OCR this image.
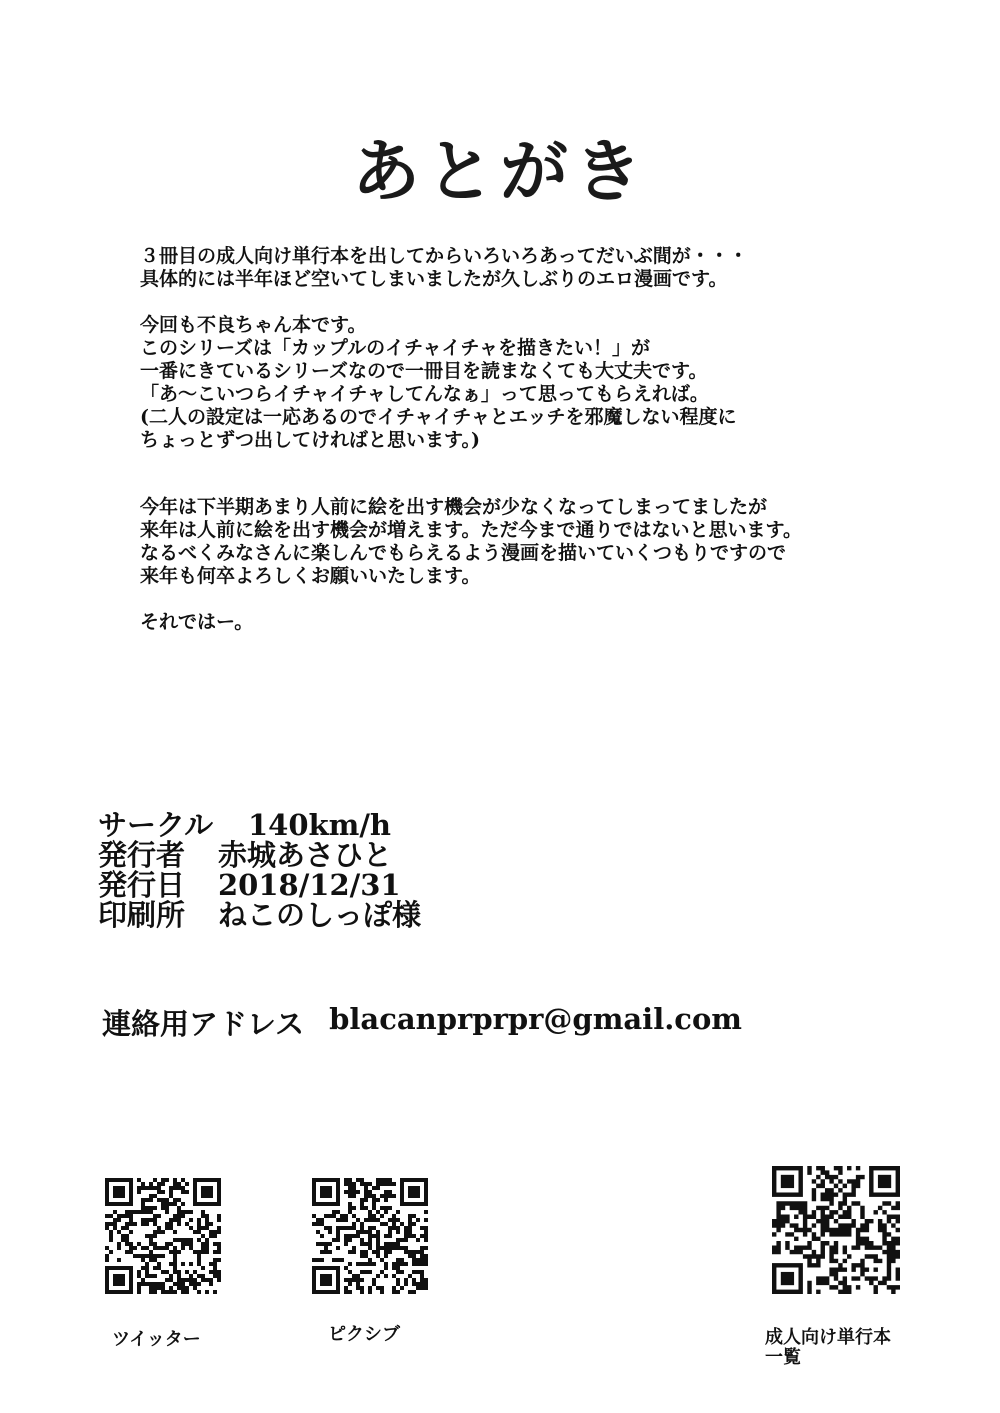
あとがき
３冊目の成人向け単行本を出してからいろいろあってだいぶ間が・・・
具体的には半年ほど空いてしまいましたが久しぶりのエロ漫画です。
今回も不良ちゃん本です。
このシリーズは「カップルのイチャイチャを描きたい！」が
一番にきているシリーズなので一冊目を読まなくても大丈夫です。
「あ〜こいつらイチャイチャしてんなぁ」って思ってもらえれば。
(二人の設定は一応あるのでイチャイチャとエッチを邪魔しない程度に
ちょっとずつ出してければと思います。)
今年は下半期あまり人前に絵を出す機会が少なくなってしまってましたが
来年は人前に絵を出す機会が増えます。ただ今まで通りではないと思います。
なるべくみなさんに楽しんでもらえるよう漫画を描いていくつもりですので
来年も何卒よろしくお願いいたします。
それではー。
サークル	140km/h
発行者	赤城あさひと
発行日	2018/12/31
印刷所	ねこのしっぽ様
連絡用アドレス blacanprprpr@gmail.com
ツイッター	ピクシブ	成人向け単行本
一覧
